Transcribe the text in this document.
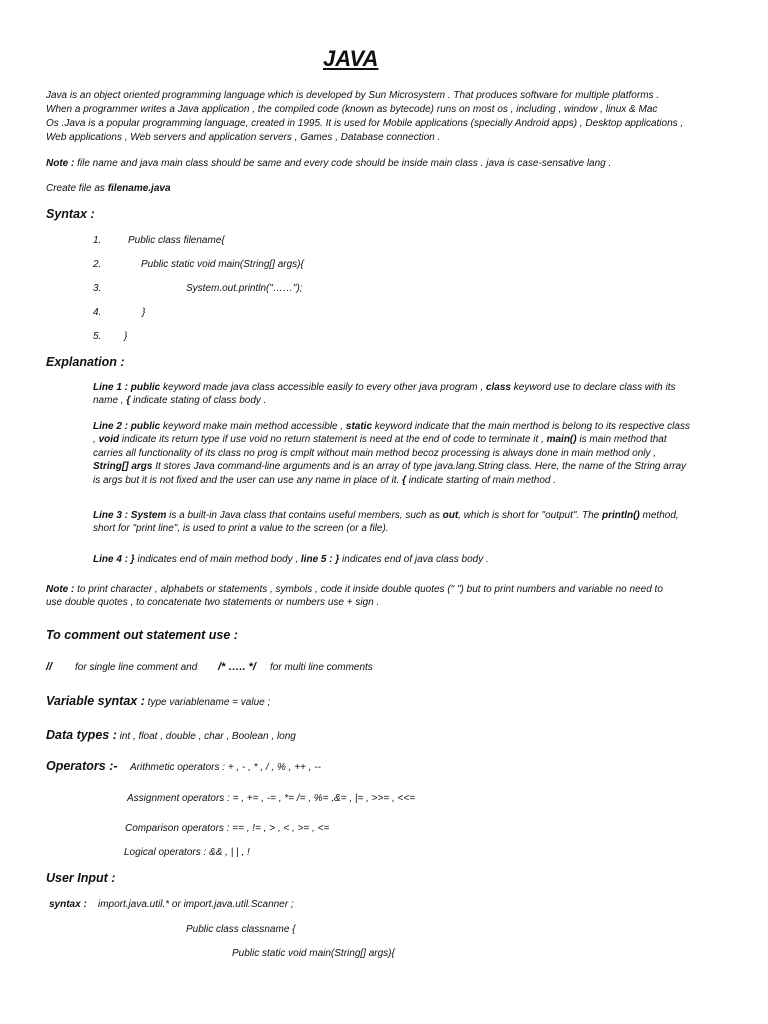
JAVA
Java is an object oriented programming language which is developed by Sun Microsystem . That produces software for multiple platforms .
When a programmer writes a Java application , the compiled code (known as bytecode) runs on most os , including , window , linux & Mac
Os .Java is a popular programming language, created in 1995. It is used for Mobile applications (specially Android apps) , Desktop applications ,
Web applications , Web servers and application servers , Games , Database connection .
Note : file name and java main class should be same and every code should be inside main class . java is case-sensative lang .
Create file as filename.java
Syntax :
1.	Public class filename{
2.	Public static void main(String[] args){
3.	System.out.println("……");
4.	}
5. }
Explanation :

Line 1 : public keyword made java class accessible easily to every other java program , class keyword use to declare class with its

name , { indicate stating of class body .

Line 2 : public keyword make main method accessible , static keyword indicate that the main merthod is belong to its respective class

, void indicate its return type if use void no return statement is need at the end of code to terminate it , main() is main method that

carries all functionality of its class no prog is cmplt without main method becoz processing is always done in main method only ,

String[] args It stores Java command-line arguments and is an array of type java.lang.String class. Here, the name of the String array

is args but it is not fixed and the user can use any name in place of it. { indicate starting of main method .

Line 3 : System is a built-in Java class that contains useful members, such as out, which is short for "output". The println() method,

short for "print line", is used to print a value to the screen (or a file).

Line 4 : } indicates end of main method body , line 5 : } indicates end of java class body .

Note : to print character , alphabets or statements , symbols , code it inside double quotes (" ") but to print numbers and variable no need to

use double quotes , to concatenate two statements or numbers use + sign .

To comment out statement use :
// for single line comment and /* ….. */ for multi line comments
Variable syntax : type variablename = value ;
Data types : int , float , double , char , Boolean , long
Operators :- Arithmetic operators : + , - , * , / , % , ++ , --
Assignment operators : = , += , -= , *= /= , %= ,&= , |= , >>= , <<=
Comparison operators : == , != , > , < , >= , <=
Logical operators : && , | | , !
User Input :
syntax : import.java.util.* or import.java.util.Scanner ;
Public class classname {
Public static void main(String[] args){
